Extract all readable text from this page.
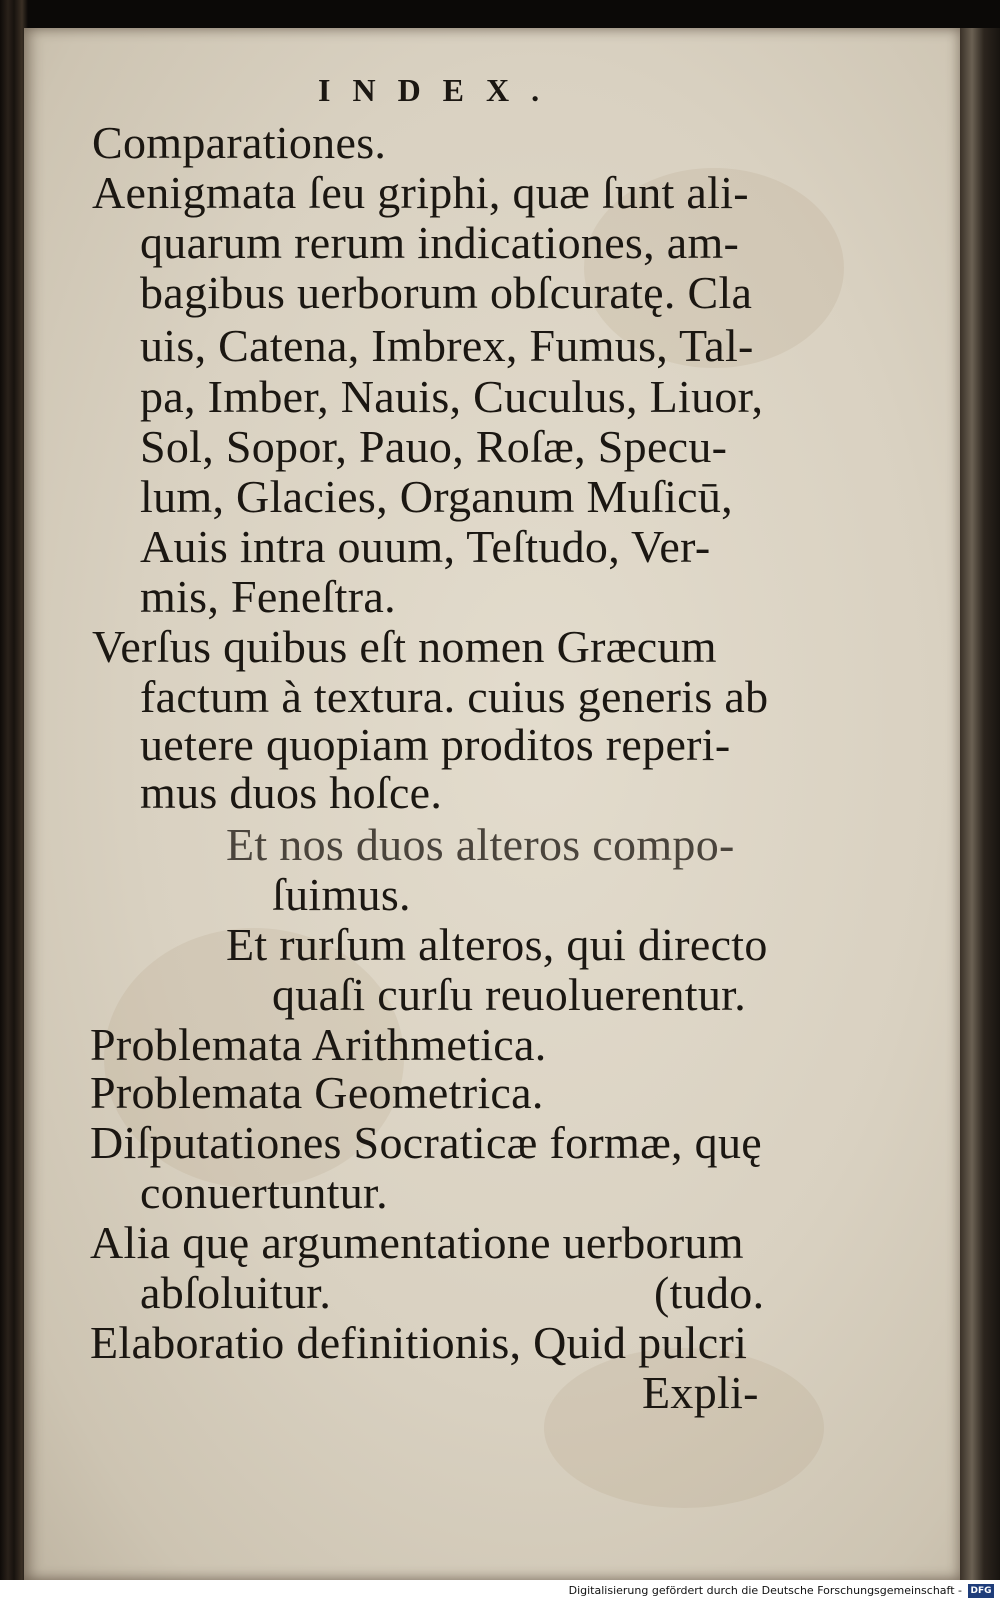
INDEX.
Comparationes.
Aenigmata ſeu griphi, quæ ſunt ali-
quarum rerum indicationes, am-
bagibus uerborum obſcuratę. Cla
uis, Catena, Imbrex, Fumus, Tal-
pa, Imber, Nauis, Cuculus, Liuor,
Sol, Sopor, Pauo, Roſæ, Specu-
lum, Glacies, Organum Muſicū,
Auis intra ouum, Teſtudo, Ver-
mis, Feneſtra.
Verſus quibus eſt nomen Græcum
factum à textura. cuius generis ab
uetere quopiam proditos reperi-
mus duos hoſce.
Et nos duos alteros compo-
ſuimus.
Et rurſum alteros, qui directo
quaſi curſu reuoluerentur.
Problemata Arithmetica.
Problemata Geometrica.
Diſputationes Socraticæ formæ, quę
conuertuntur.
Alia quę argumentatione uerborum
abſoluitur.	(tudo.
Elaboratio definitionis, Quid pulcri
Expli-
Digitalisierung gefördert durch die Deutsche Forschungsgemeinschaft - DFG
